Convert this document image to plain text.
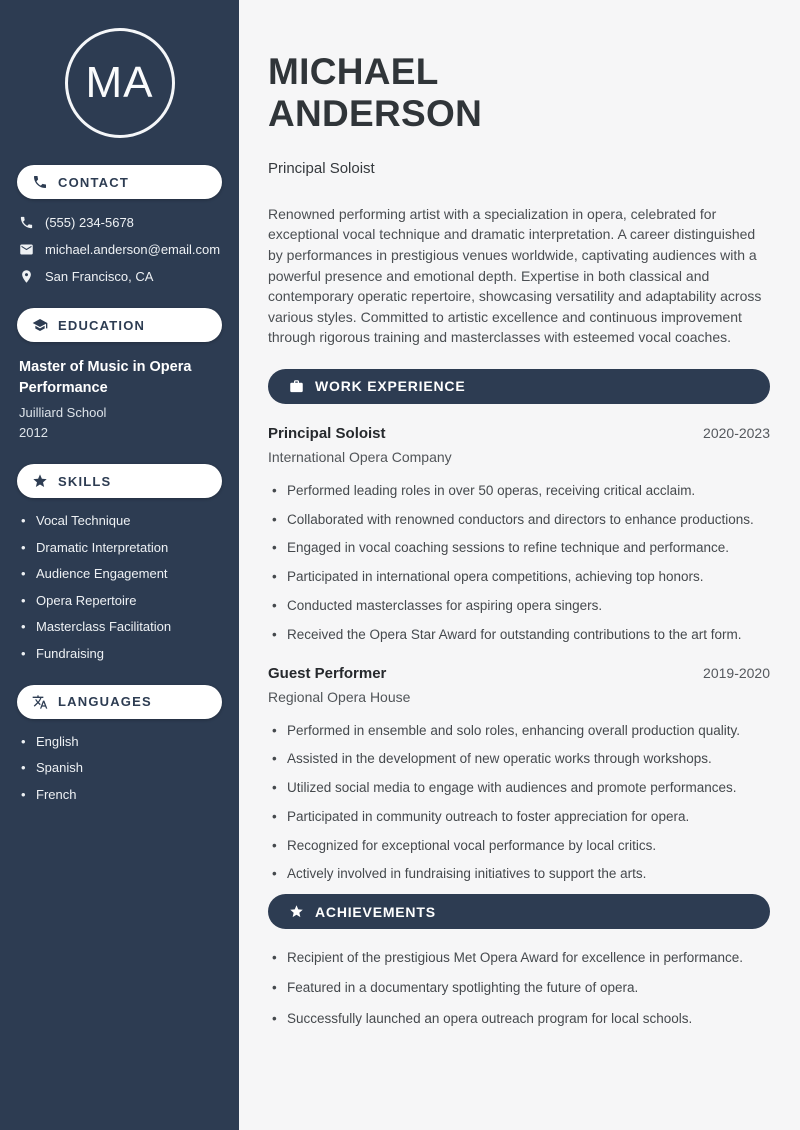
MA
CONTACT
(555) 234-5678
michael.anderson@email.com
San Francisco, CA
EDUCATION
Master of Music in Opera Performance
Juilliard School
2012
SKILLS
• Vocal Technique
• Dramatic Interpretation
• Audience Engagement
• Opera Repertoire
• Masterclass Facilitation
• Fundraising
LANGUAGES
• English
• Spanish
• French
MICHAEL
ANDERSON
Principal Soloist

Renowned performing artist with a specialization in opera, celebrated for exceptional vocal technique and dramatic interpretation. A career distinguished by performances in prestigious venues worldwide, captivating audiences with a powerful presence and emotional depth. Expertise in both classical and contemporary operatic repertoire, showcasing versatility and adaptability across various styles. Committed to artistic excellence and continuous improvement through rigorous training and masterclasses with esteemed vocal coaches.

WORK EXPERIENCE
Principal Soloist	2020-2023
International Opera Company
• Performed leading roles in over 50 operas, receiving critical acclaim.
• Collaborated with renowned conductors and directors to enhance productions.
• Engaged in vocal coaching sessions to refine technique and performance.
• Participated in international opera competitions, achieving top honors.
• Conducted masterclasses for aspiring opera singers.
• Received the Opera Star Award for outstanding contributions to the art form.
Guest Performer	2019-2020
Regional Opera House
• Performed in ensemble and solo roles, enhancing overall production quality.
• Assisted in the development of new operatic works through workshops.
• Utilized social media to engage with audiences and promote performances.
• Participated in community outreach to foster appreciation for opera.
• Recognized for exceptional vocal performance by local critics.
• Actively involved in fundraising initiatives to support the arts.
ACHIEVEMENTS
• Recipient of the prestigious Met Opera Award for excellence in performance.
• Featured in a documentary spotlighting the future of opera.
• Successfully launched an opera outreach program for local schools.
